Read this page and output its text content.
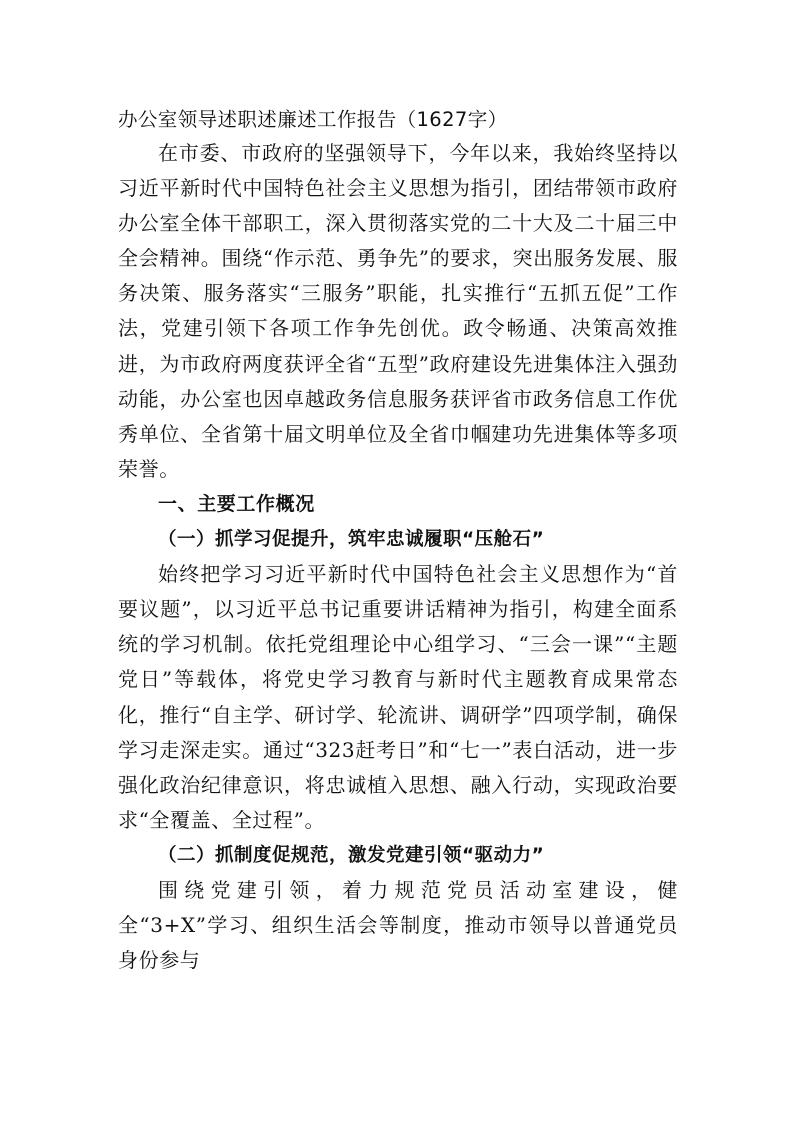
办公室领导述职述廉述工作报告（1627字）

在市委、市政府的坚强领导下，今年以来，我始终坚持以习近平新时代中国特色社会主义思想为指引，团结带领市政府办公室全体干部职工，深入贯彻落实党的二十大及二十届三中全会精神。围绕“作示范、勇争先”的要求，突出服务发展、服务决策、服务落实“三服务”职能，扎实推行“五抓五促”工作法，党建引领下各项工作争先创优。政令畅通、决策高效推进，为市政府两度获评全省“五型”政府建设先进集体注入强劲动能，办公室也因卓越政务信息服务获评省市政务信息工作优秀单位、全省第十届文明单位及全省巾帼建功先进集体等多项荣誉。

一、主要工作概况

（一）抓学习促提升，筑牢忠诚履职“压舱石”

始终把学习习近平新时代中国特色社会主义思想作为“首要议题”，以习近平总书记重要讲话精神为指引，构建全面系统的学习机制。依托党组理论中心组学习、“三会一课”“主题党日”等载体，将党史学习教育与新时代主题教育成果常态化，推行“自主学、研讨学、轮流讲、调研学”四项学制，确保学习走深走实。通过“323赶考日”和“七一”表白活动，进一步强化政治纪律意识，将忠诚植入思想、融入行动，实现政治要求“全覆盖、全过程”。

（二）抓制度促规范，激发党建引领“驱动力”

围绕党建引领，着力规范党员活动室建设，健全“3+X”学习、组织生活会等制度，推动市领导以普通党员身份参与
